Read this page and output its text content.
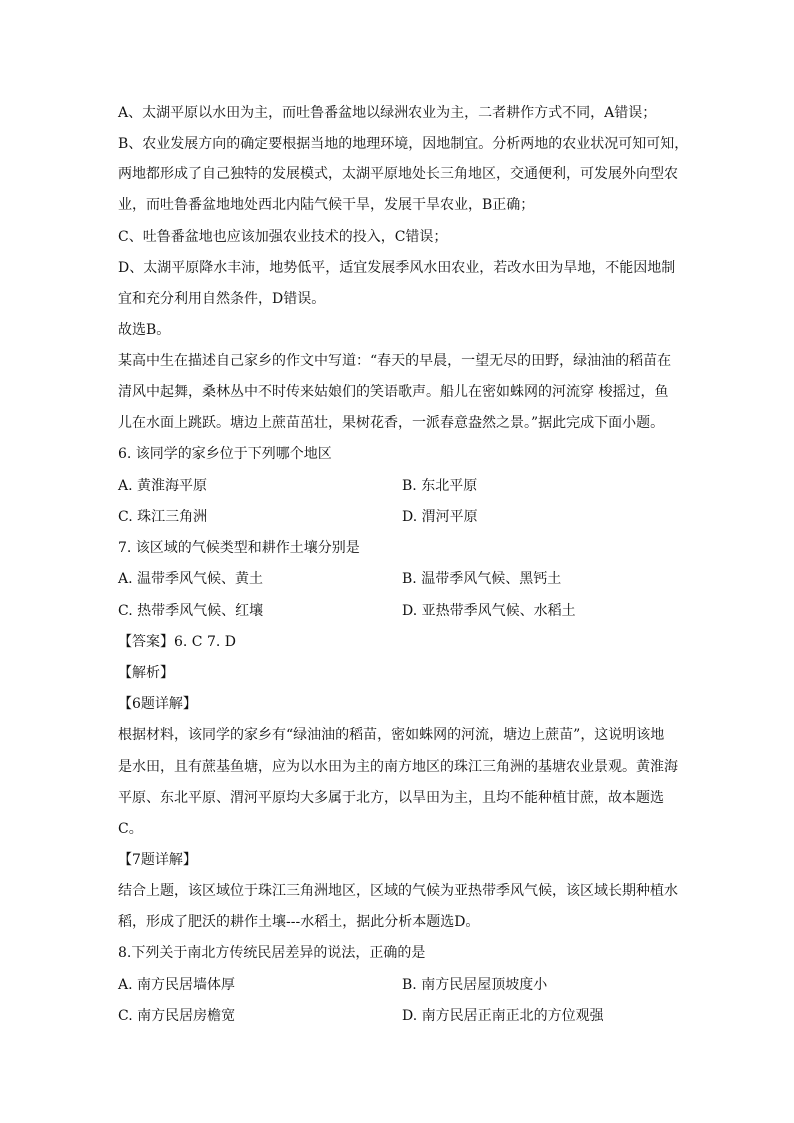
A、太湖平原以水田为主，而吐鲁番盆地以绿洲农业为主，二者耕作方式不同，A错误；
B、农业发展方向的确定要根据当地的地理环境，因地制宜。分析两地的农业状况可知可知，
两地都形成了自己独特的发展模式，太湖平原地处长三角地区，交通便利，可发展外向型农
业，而吐鲁番盆地地处西北内陆气候干旱，发展干旱农业，B正确；
C、吐鲁番盆地也应该加强农业技术的投入，C错误；
D、太湖平原降水丰沛，地势低平，适宜发展季风水田农业，若改水田为旱地，不能因地制
宜和充分利用自然条件，D错误。
故选B。
某高中生在描述自己家乡的作文中写道：“春天的早晨，一望无尽的田野，绿油油的稻苗在
清风中起舞，桑林丛中不时传来姑娘们的笑语歌声。船儿在密如蛛网的河流穿 梭摇过，鱼
儿在水面上跳跃。塘边上蔗苗茁壮，果树花香，一派春意盎然之景。”据此完成下面小题。
6. 该同学的家乡位于下列哪个地区
A. 黄淮海平原	B. 东北平原
C. 珠江三角洲	D. 渭河平原
7. 该区域的气候类型和耕作土壤分别是
A. 温带季风气候、黄土	B. 温带季风气候、黑钙土
C. 热带季风气候、红壤	D. 亚热带季风气候、水稻土
【答案】6. C 7. D
【解析】
【6题详解】
根据材料，该同学的家乡有“绿油油的稻苗，密如蛛网的河流，塘边上蔗苗”，这说明该地
是水田，且有蔗基鱼塘，应为以水田为主的南方地区的珠江三角洲的基塘农业景观。黄淮海
平原、东北平原、渭河平原均大多属于北方，以旱田为主，且均不能种植甘蔗，故本题选
C。
【7题详解】
结合上题，该区域位于珠江三角洲地区，区域的气候为亚热带季风气候，该区域长期种植水
稻，形成了肥沃的耕作土壤---水稻土，据此分析本题选D。
8.下列关于南北方传统民居差异的说法，正确的是
A. 南方民居墙体厚	B. 南方民居屋顶坡度小
C. 南方民居房檐宽	D. 南方民居正南正北的方位观强
